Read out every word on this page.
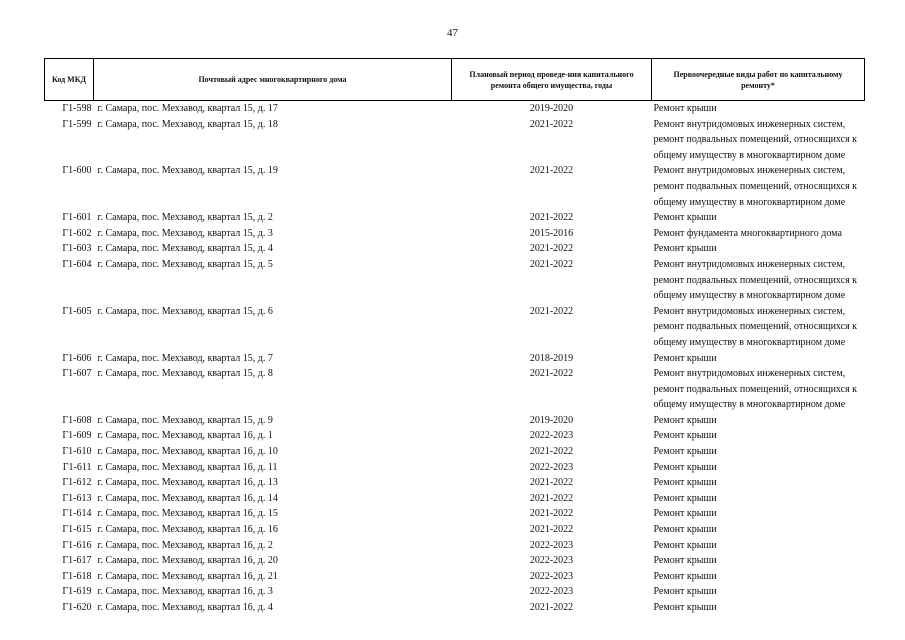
47
Код МКД	Почтовый адрес многоквартирного дома	Плановый период проведе-ния капитального ремонта общего имущества, годы	Первоочередные виды работ по капитальному ремонту*
Г1-598	г. Самара, пос. Мехзавод, квартал 15, д. 17	2019-2020	Ремонт крыши
Г1-599	г. Самара, пос. Мехзавод, квартал 15, д. 18	2021-2022	Ремонт внутридомовых инженерных систем, ремонт подвальных помещений, относящихся к общему имуществу в многоквартирном доме
Г1-600	г. Самара, пос. Мехзавод, квартал 15, д. 19	2021-2022	Ремонт внутридомовых инженерных систем, ремонт подвальных помещений, относящихся к общему имуществу в многоквартирном доме
Г1-601	г. Самара, пос. Мехзавод, квартал 15, д. 2	2021-2022	Ремонт крыши
Г1-602	г. Самара, пос. Мехзавод, квартал 15, д. 3	2015-2016	Ремонт фундамента многоквартирного дома
Г1-603	г. Самара, пос. Мехзавод, квартал 15, д. 4	2021-2022	Ремонт крыши
Г1-604	г. Самара, пос. Мехзавод, квартал 15, д. 5	2021-2022	Ремонт внутридомовых инженерных систем, ремонт подвальных помещений, относящихся к общему имуществу в многоквартирном доме
Г1-605	г. Самара, пос. Мехзавод, квартал 15, д. 6	2021-2022	Ремонт внутридомовых инженерных систем, ремонт подвальных помещений, относящихся к общему имуществу в многоквартирном доме
Г1-606	г. Самара, пос. Мехзавод, квартал 15, д. 7	2018-2019	Ремонт крыши
Г1-607	г. Самара, пос. Мехзавод, квартал 15, д. 8	2021-2022	Ремонт внутридомовых инженерных систем, ремонт подвальных помещений, относящихся к общему имуществу в многоквартирном доме
Г1-608	г. Самара, пос. Мехзавод, квартал 15, д. 9	2019-2020	Ремонт крыши
Г1-609	г. Самара, пос. Мехзавод, квартал 16, д. 1	2022-2023	Ремонт крыши
Г1-610	г. Самара, пос. Мехзавод, квартал 16, д. 10	2021-2022	Ремонт крыши
Г1-611	г. Самара, пос. Мехзавод, квартал 16, д. 11	2022-2023	Ремонт крыши
Г1-612	г. Самара, пос. Мехзавод, квартал 16, д. 13	2021-2022	Ремонт крыши
Г1-613	г. Самара, пос. Мехзавод, квартал 16, д. 14	2021-2022	Ремонт крыши
Г1-614	г. Самара, пос. Мехзавод, квартал 16, д. 15	2021-2022	Ремонт крыши
Г1-615	г. Самара, пос. Мехзавод, квартал 16, д. 16	2021-2022	Ремонт крыши
Г1-616	г. Самара, пос. Мехзавод, квартал 16, д. 2	2022-2023	Ремонт крыши
Г1-617	г. Самара, пос. Мехзавод, квартал 16, д. 20	2022-2023	Ремонт крыши
Г1-618	г. Самара, пос. Мехзавод, квартал 16, д. 21	2022-2023	Ремонт крыши
Г1-619	г. Самара, пос. Мехзавод, квартал 16, д. 3	2022-2023	Ремонт крыши
Г1-620	г. Самара, пос. Мехзавод, квартал 16, д. 4	2021-2022	Ремонт крыши
